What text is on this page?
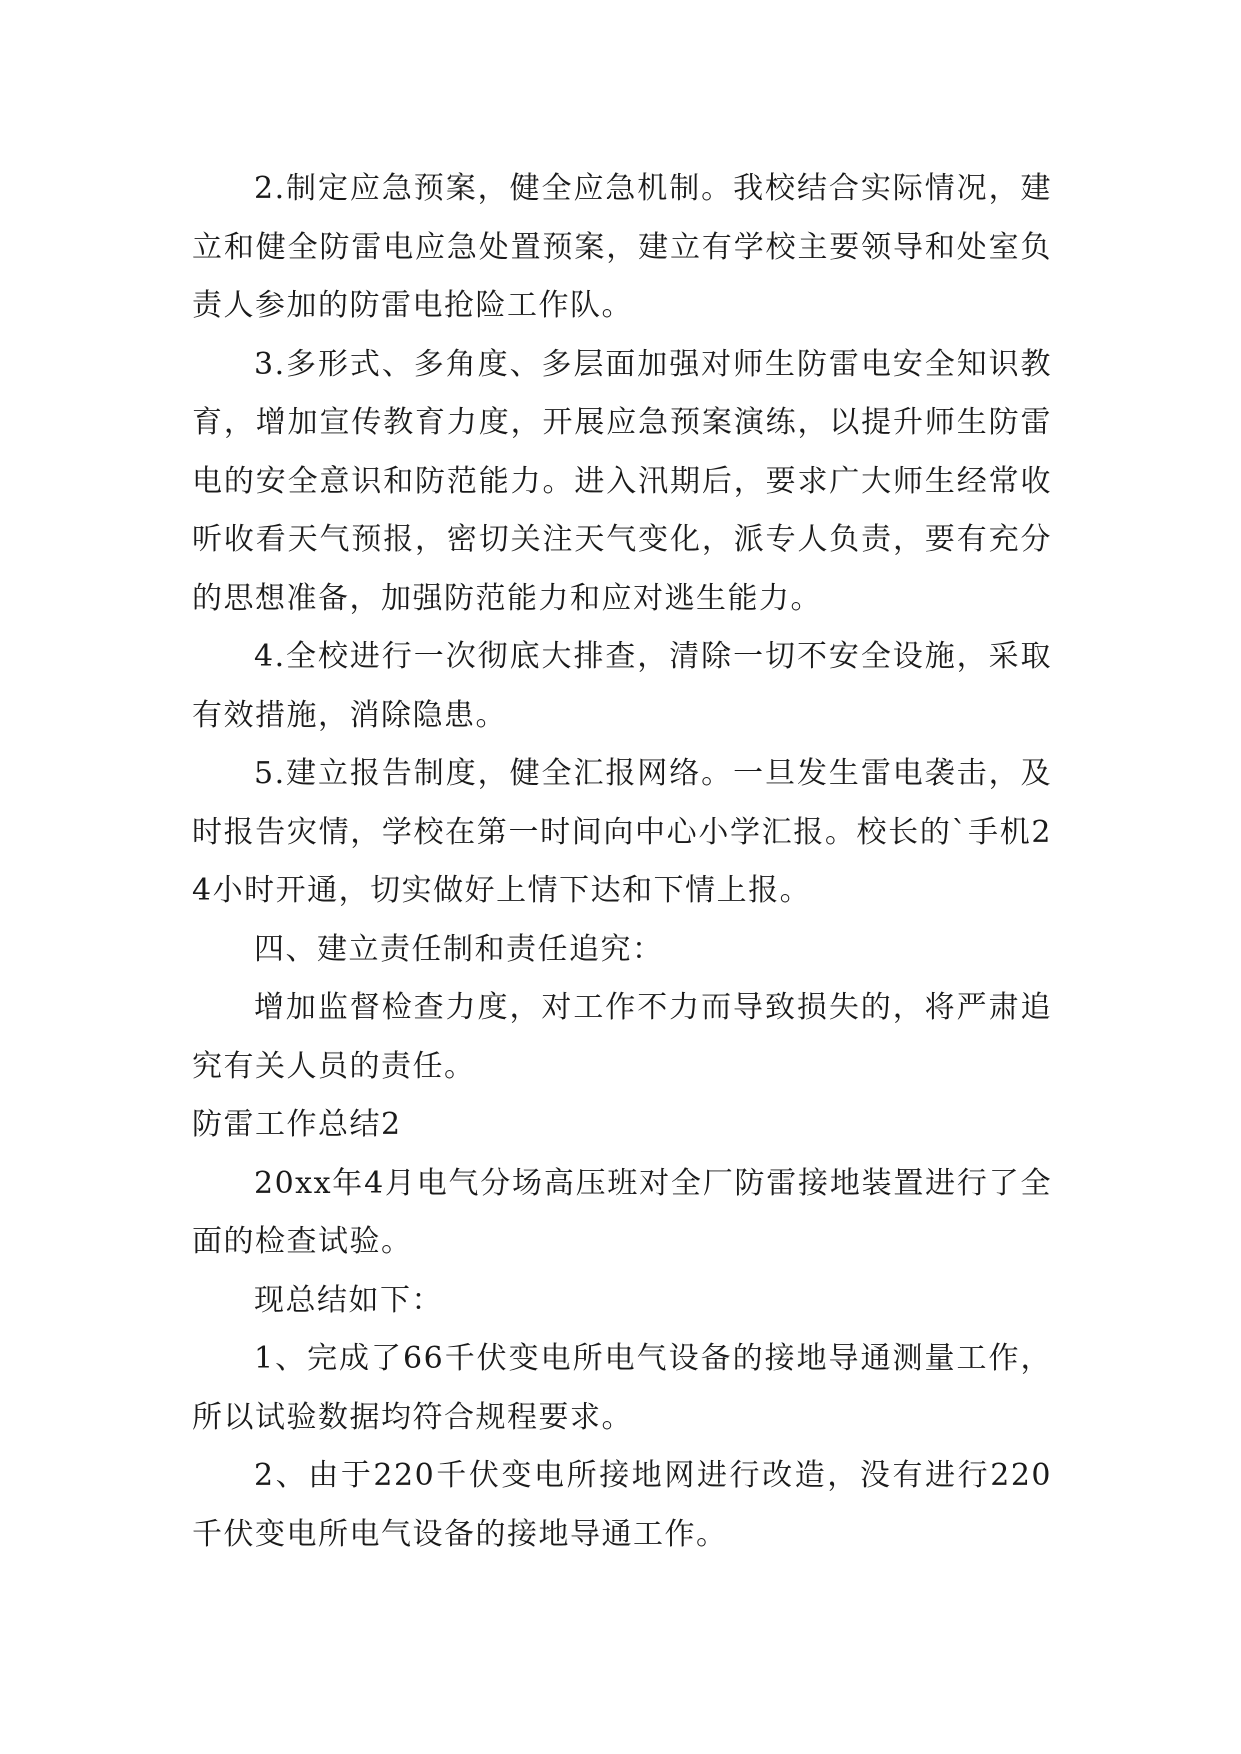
2.制定应急预案，健全应急机制。我校结合实际情况，建立和健全防雷电应急处置预案，建立有学校主要领导和处室负责人参加的防雷电抢险工作队。

3.多形式、多角度、多层面加强对师生防雷电安全知识教育，增加宣传教育力度，开展应急预案演练，以提升师生防雷电的安全意识和防范能力。进入汛期后，要求广大师生经常收听收看天气预报，密切关注天气变化，派专人负责，要有充分的思想准备，加强防范能力和应对逃生能力。

4.全校进行一次彻底大排查，清除一切不安全设施，采取有效措施，消除隐患。

5.建立报告制度，健全汇报网络。一旦发生雷电袭击，及时报告灾情，学校在第一时间向中心小学汇报。校长的`手机24小时开通，切实做好上情下达和下情上报。

四、建立责任制和责任追究：

增加监督检查力度，对工作不力而导致损失的，将严肃追究有关人员的责任。

防雷工作总结2

20xx年4月电气分场高压班对全厂防雷接地装置进行了全面的检查试验。

现总结如下：

1、完成了66千伏变电所电气设备的接地导通测量工作，所以试验数据均符合规程要求。

2、由于220千伏变电所接地网进行改造，没有进行220千伏变电所电气设备的接地导通工作。
